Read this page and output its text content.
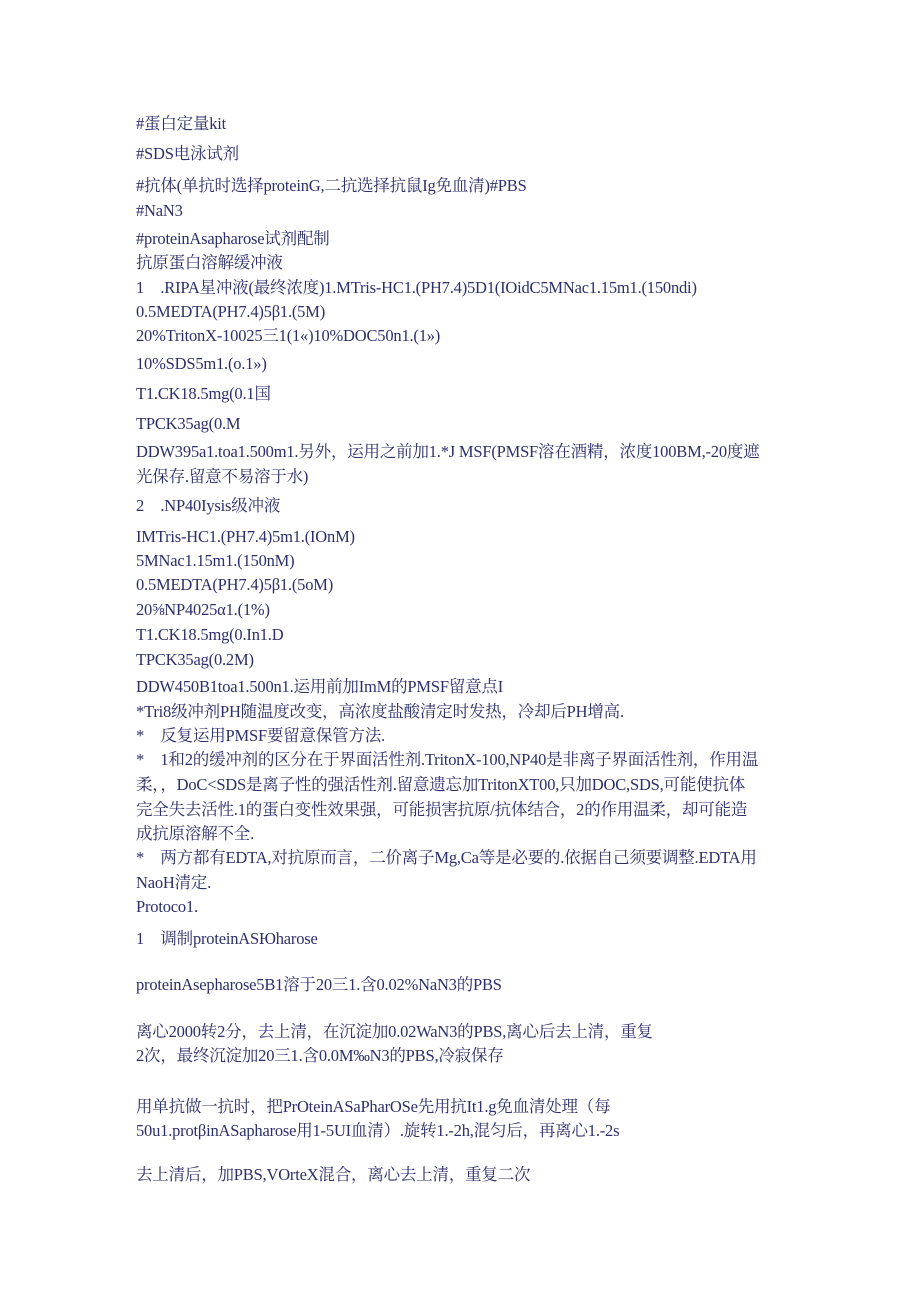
#蛋白定量kit
#SDS电泳试剂
#抗体(单抗时选择proteinG,二抗选择抗鼠Ig免血清)#PBS
#NaN3
#proteinAsapharose试剂配制
抗原蛋白溶解缓冲液
1　.RIPA星冲液(最终浓度)1.MTris-HC1.(PH7.4)5D1(IOidC5MNac1.15m1.(150ndi)
0.5MEDTA(PH7.4)5β1.(5M)
20%TritonX-10025三1(1«)10%DOC50n1.(1»)
10%SDS5m1.(o.1»)
T1.CK18.5mg(0.1国
TPCK35ag(0.M
DDW395a1.toa1.500m1.另外，运用之前加1.*J MSF(PMSF溶在酒精，浓度100BM,-20度遮
光保存.留意不易溶于水)
2　.NP40Iysis级冲液
IMTris-HC1.(PH7.4)5m1.(IOnM)
5MNac1.15m1.(150nM)
0.5MEDTA(PH7.4)5β1.(5oM)
20⅝NP4025α1.(1%)
T1.CK18.5mg(0.In1.D
TPCK35ag(0.2M)
DDW450B1toa1.500n1.运用前加ImM的PMSF留意点I
*Tri8级冲剂PH随温度改变，高浓度盐酸清定时发热，冷却后PH增高.
*　反复运用PMSF要留意保管方法.
*　1和2的缓冲剂的区分在于界面活性剂.TritonX-100,NP40是非离子界面活性剂，作用温
柔，，DoC<SDS是离子性的强活性剂.留意遗忘加TritonXT00,只加DOC,SDS,可能使抗体
完全失去活性.1的蛋白变性效果强，可能损害抗原/抗体结合，2的作用温柔，却可能造
成抗原溶解不全.
*　两方都有EDTA,对抗原而言，二价离子Mg,Ca等是必要的.依据自己须要调整.EDTA用
NaoH清定.
Protoco1.
1　调制proteinASЮharose
proteinAsepharose5B1溶于20三1.含0.02%NaN3的PBS
离心2000转2分，去上清，在沉淀加0.02WaN3的PBS,离心后去上清，重复
2次，最终沉淀加20三1.含0.0M‰N3的PBS,冷寂保存
用单抗做一抗时，把PrOteinASaPharOSe先用抗It1.g免血清处理（每
50u1.protβinASapharose用1-5UI血清）.旋转1.-2h,混匀后，再离心1.-2s
去上清后，加PBS,VOrteX混合，离心去上清，重复二次
